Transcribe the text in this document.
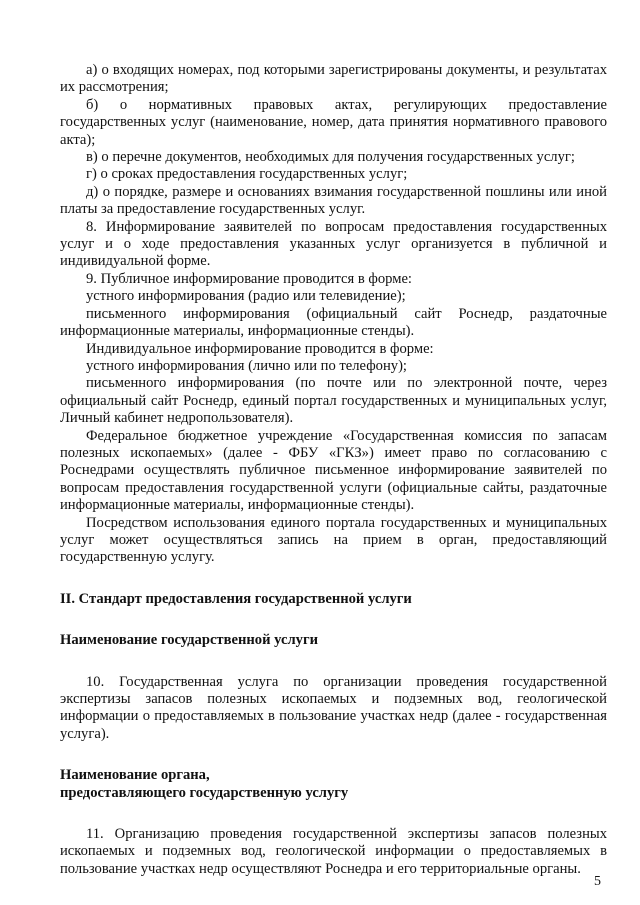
а) о входящих номерах, под которыми зарегистрированы документы, и результатах их рассмотрения;

б) о нормативных правовых актах, регулирующих предоставление государственных услуг (наименование, номер, дата принятия нормативного правового акта);

в) о перечне документов, необходимых для получения государственных услуг;

г) о сроках предоставления государственных услуг;

д) о порядке, размере и основаниях взимания государственной пошлины или иной платы за предоставление государственных услуг.

8. Информирование заявителей по вопросам предоставления государственных услуг и о ходе предоставления указанных услуг организуется в публичной и индивидуальной форме.

9. Публичное информирование проводится в форме:

устного информирования (радио или телевидение);

письменного информирования (официальный сайт Роснедр, раздаточные информационные материалы, информационные стенды).

Индивидуальное информирование проводится в форме:

устного информирования (лично или по телефону);

письменного информирования (по почте или по электронной почте, через официальный сайт Роснедр, единый портал государственных и муниципальных услуг, Личный кабинет недропользователя).

Федеральное бюджетное учреждение «Государственная комиссия по запасам полезных ископаемых» (далее - ФБУ «ГКЗ») имеет право по согласованию с Роснедрами осуществлять публичное письменное информирование заявителей по вопросам предоставления государственной услуги (официальные сайты, раздаточные информационные материалы, информационные стенды).

Посредством использования единого портала государственных и муниципальных услуг может осуществляться запись на прием в орган, предоставляющий государственную услугу.

II. Стандарт предоставления государственной услуги

Наименование государственной услуги

10. Государственная услуга по организации проведения государственной экспертизы запасов полезных ископаемых и подземных вод, геологической информации о предоставляемых в пользование участках недр (далее - государственная услуга).

Наименование органа,

предоставляющего государственную услугу

11. Организацию проведения государственной экспертизы запасов полезных ископаемых и подземных вод, геологической информации о предоставляемых в пользование участках недр осуществляют Роснедра и его территориальные органы.

5
